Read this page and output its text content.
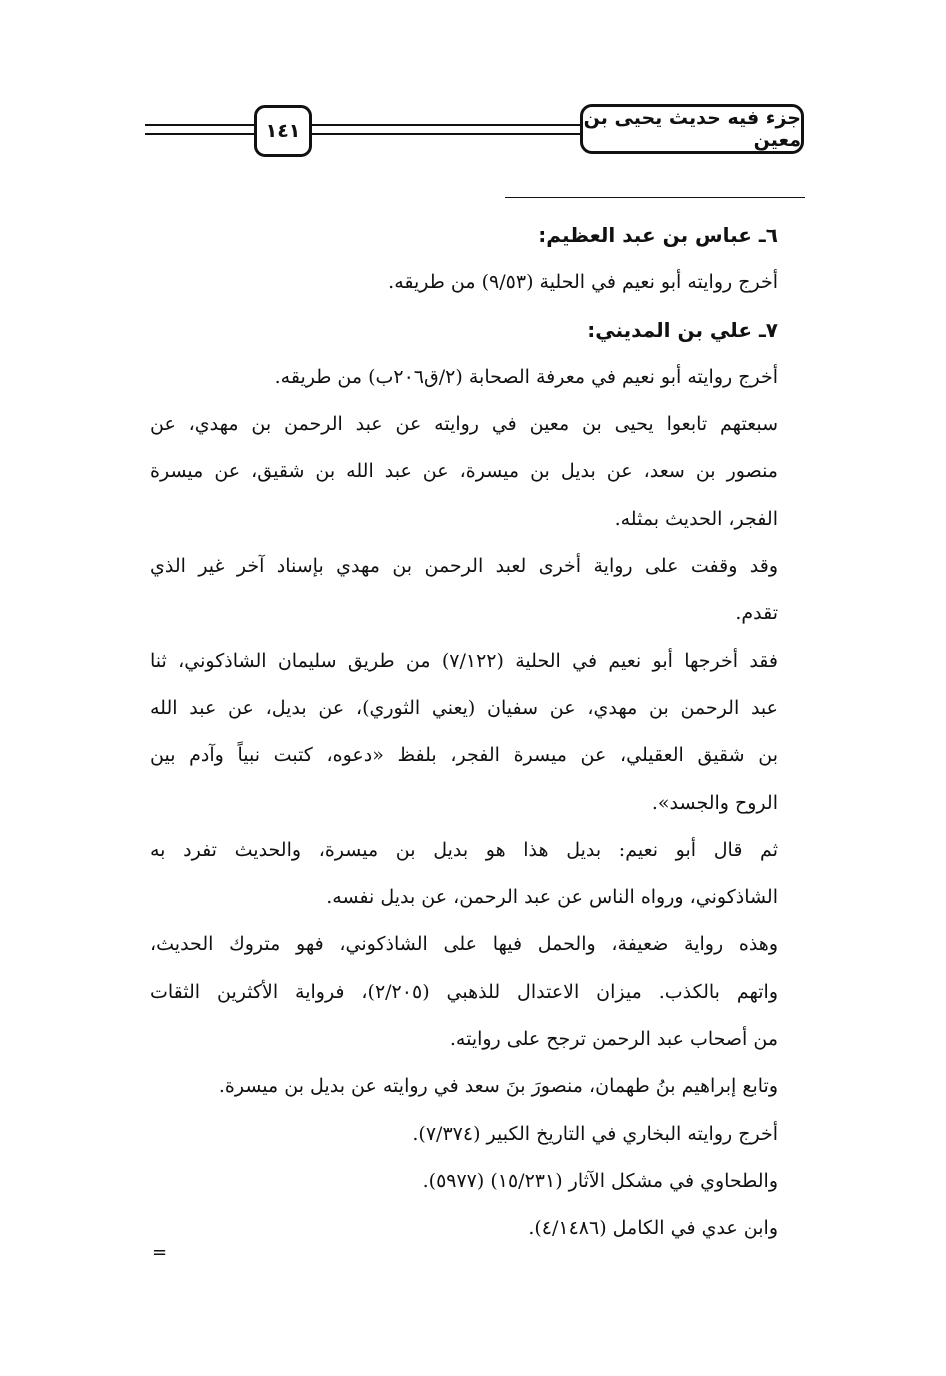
١٤١
جزء فيه حديث يحيى بن معين
٦ـ عباس بن عبد العظيم:
أخرج روايته أبو نعيم في الحلية (٩/٥٣) من طريقه.
٧ـ علي بن المديني:
أخرج روايته أبو نعيم في معرفة الصحابة (٢/ق٢٠٦ب) من طريقه.
سبعتهم تابعوا يحيى بن معين في روايته عن عبد الرحمن بن مهدي، عن
منصور بن سعد، عن بديل بن ميسرة، عن عبد الله بن شقيق، عن ميسرة
الفجر، الحديث بمثله.
وقد وقفت على رواية أخرى لعبد الرحمن بن مهدي بإسناد آخر غير الذي
تقدم.
فقد أخرجها أبو نعيم في الحلية (٧/١٢٢) من طريق سليمان الشاذكوني، ثنا
عبد الرحمن بن مهدي، عن سفيان (يعني الثوري)، عن بديل، عن عبد الله
بن شقيق العقيلي، عن ميسرة الفجر، بلفظ «دعوه، كتبت نبياً وآدم بين
الروح والجسد».
ثم قال أبو نعيم: بديل هذا هو بديل بن ميسرة، والحديث تفرد به
الشاذكوني، ورواه الناس عن عبد الرحمن، عن بديل نفسه.
وهذه رواية ضعيفة، والحمل فيها على الشاذكوني، فهو متروك الحديث،
واتهم بالكذب. ميزان الاعتدال للذهبي (٢/٢٠٥)، فرواية الأكثرين الثقات
من أصحاب عبد الرحمن ترجح على روايته.
وتابع إبراهيم بنُ طهمان، منصورَ بنَ سعد في روايته عن بديل بن ميسرة.
أخرج روايته البخاري في التاريخ الكبير (٧/٣٧٤).
والطحاوي في مشكل الآثار (١٥/٢٣١) (٥٩٧٧).
وابن عدي في الكامل (٤/١٤٨٦).
=
